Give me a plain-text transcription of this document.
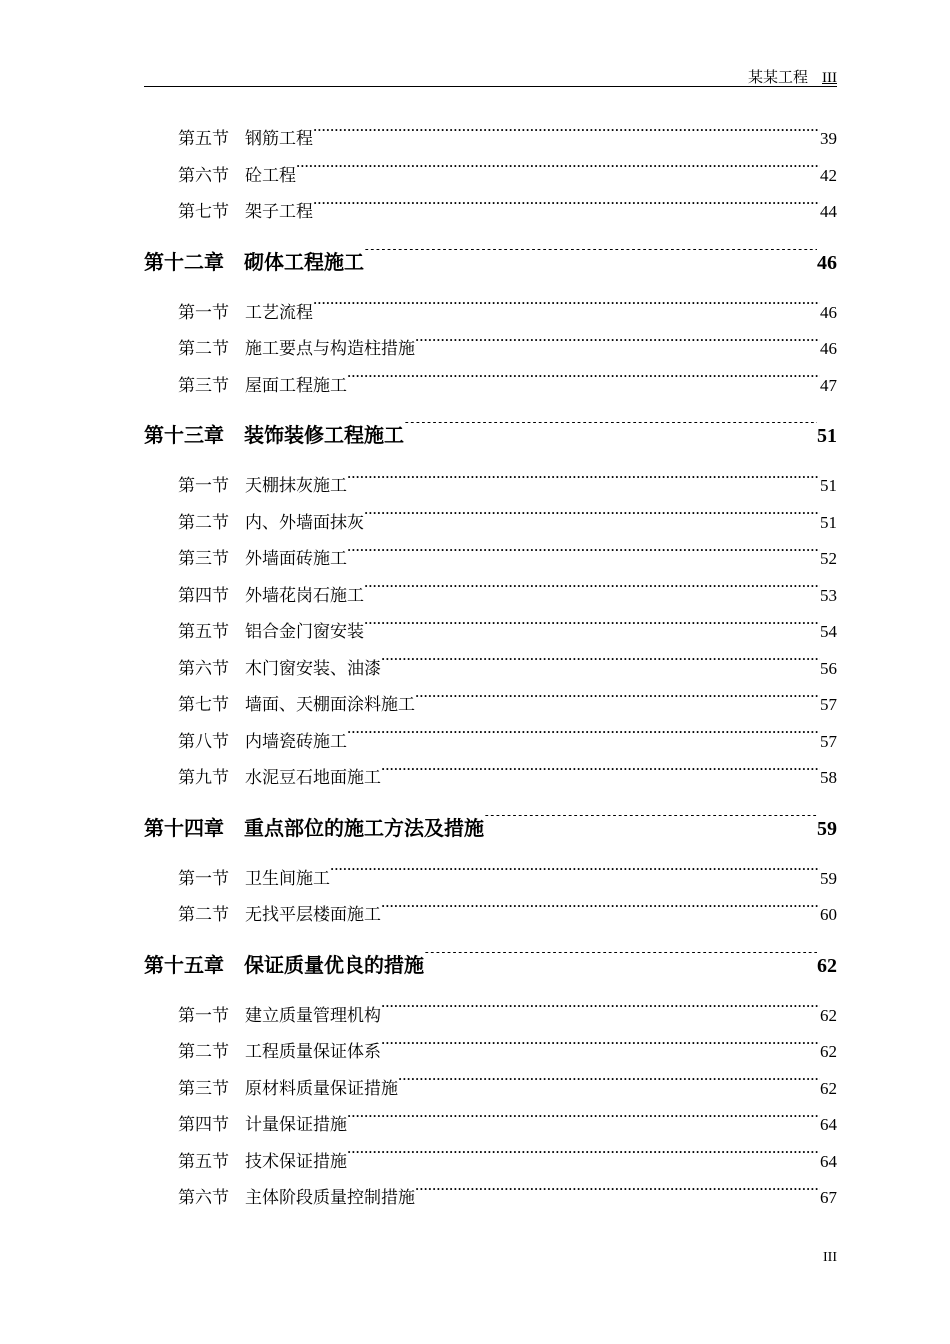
某某工程 III
第五节 钢筋工程 .....	39
第六节 砼工程 .....	42
第七节 架子工程 .....	44
第十二章 砌体工程施工 .....	46
第一节 工艺流程 .....	46
第二节 施工要点与构造柱措施 .....	46
第三节 屋面工程施工 .....	47
第十三章 装饰装修工程施工 .....	51
第一节 天棚抹灰施工 .....	51
第二节 内、外墙面抹灰 .....	51
第三节 外墙面砖施工 .....	52
第四节 外墙花岗石施工 .....	53
第五节 铝合金门窗安装 .....	54
第六节 木门窗安装、油漆 .....	56
第七节 墙面、天棚面涂料施工 .....	57
第八节 内墙瓷砖施工 .....	57
第九节 水泥豆石地面施工 .....	58
第十四章 重点部位的施工方法及措施 .....	59
第一节 卫生间施工 .....	59
第二节 无找平层楼面施工 .....	60
第十五章 保证质量优良的措施 .....	62
第一节 建立质量管理机构 .....	62
第二节 工程质量保证体系 .....	62
第三节 原材料质量保证措施 .....	62
第四节 计量保证措施 .....	64
第五节 技术保证措施 .....	64
第六节 主体阶段质量控制措施 .....	67
III
